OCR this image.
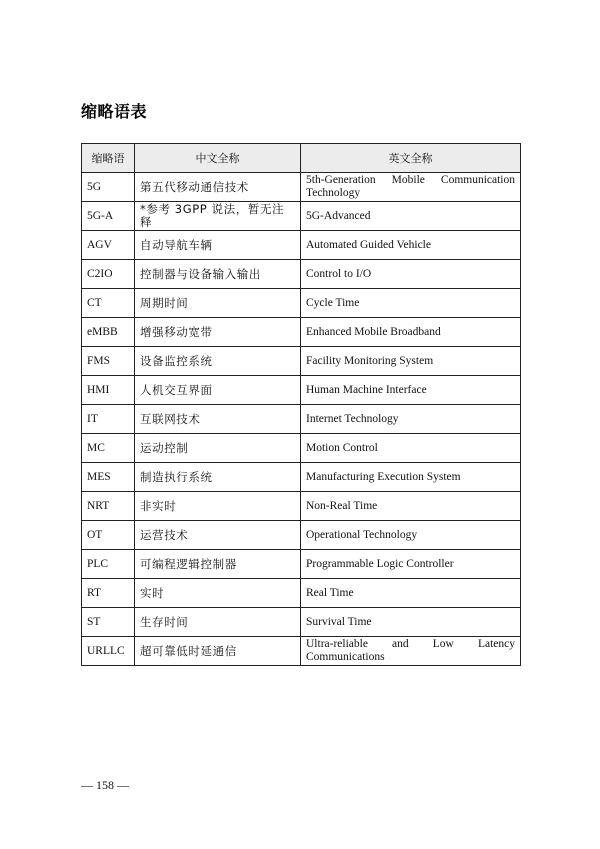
缩略语表
缩略语	中文全称	英文全称
5G	第五代移动通信技术	5th-Generation Mobile Communication Technology
5G-A	*参考 3GPP 说法，暂无注释	5G-Advanced
AGV	自动导航车辆	Automated Guided Vehicle
C2IO	控制器与设备输入输出	Control to I/O
CT	周期时间	Cycle Time
eMBB	增强移动宽带	Enhanced Mobile Broadband
FMS	设备监控系统	Facility Monitoring System
HMI	人机交互界面	Human Machine Interface
IT	互联网技术	Internet Technology
MC	运动控制	Motion Control
MES	制造执行系统	Manufacturing Execution System
NRT	非实时	Non-Real Time
OT	运营技术	Operational Technology
PLC	可编程逻辑控制器	Programmable Logic Controller
RT	实时	Real Time
ST	生存时间	Survival Time
URLLC	超可靠低时延通信	Ultra-reliable and Low Latency Communications
— 158 —
